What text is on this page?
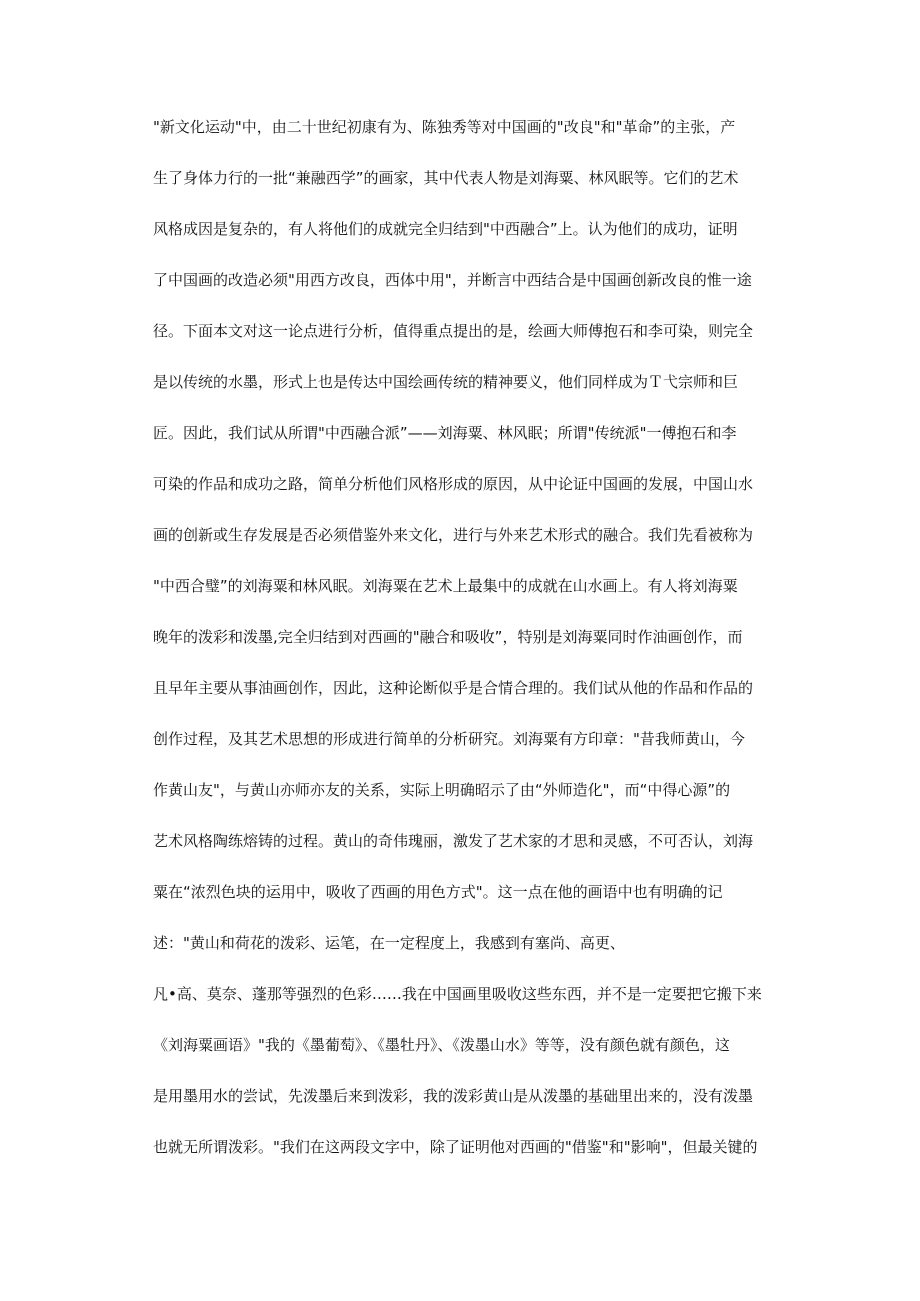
"新文化运动"中，由二十世纪初康有为、陈独秀等对中国画的"改良"和"革命”的主张，产
生了身体力行的一批“兼融西学”的画家，其中代表人物是刘海粟、林风眠等。它们的艺术
风格成因是复杂的，有人将他们的成就完全归结到"中西融合”上。认为他们的成功，证明
了中国画的改造必须"用西方改良，西体中用"，并断言中西结合是中国画创新改良的惟一途
径。下面本文对这一论点进行分析，值得重点提出的是，绘画大师傅抱石和李可染，则完全
是以传统的水墨，形式上也是传达中国绘画传统的精神要义，他们同样成为Ｔ弋宗师和巨
匠。因此，我们试从所谓"中西融合派”——刘海粟、林风眠；所谓"传统派"一傅抱石和李
可染的作品和成功之路，简单分析他们风格形成的原因，从中论证中国画的发展，中国山水
画的创新或生存发展是否必须借鉴外来文化，进行与外来艺术形式的融合。我们先看被称为
"中西合璧”的刘海粟和林风眠。刘海粟在艺术上最集中的成就在山水画上。有人将刘海粟
晚年的泼彩和泼墨,完全归结到对西画的"融合和吸收”，特别是刘海粟同时作油画创作，而
且早年主要从事油画创作，因此，这种论断似乎是合情合理的。我们试从他的作品和作品的
创作过程，及其艺术思想的形成进行简单的分析研究。刘海粟有方印章："昔我师黄山，今
作黄山友"，与黄山亦师亦友的关系，实际上明确昭示了由“外师造化"，而“中得心源”的
艺术风格陶练熔铸的过程。黄山的奇伟瑰丽，激发了艺术家的才思和灵感，不可否认，刘海
粟在“浓烈色块的运用中，吸收了西画的用色方式"。这一点在他的画语中也有明确的记
述："黄山和荷花的泼彩、运笔，在一定程度上，我感到有塞尚、高更、
凡•高、莫奈、蓬那等强烈的色彩……我在中国画里吸收这些东西，并不是一定要把它搬下来
《刘海粟画语》"我的《墨葡萄》、《墨牡丹》、《泼墨山水》等等，没有颜色就有颜色，这
是用墨用水的尝试，先泼墨后来到泼彩，我的泼彩黄山是从泼墨的基础里出来的，没有泼墨
也就无所谓泼彩。"我们在这两段文字中，除了证明他对西画的"借鉴"和"影响"，但最关键的
